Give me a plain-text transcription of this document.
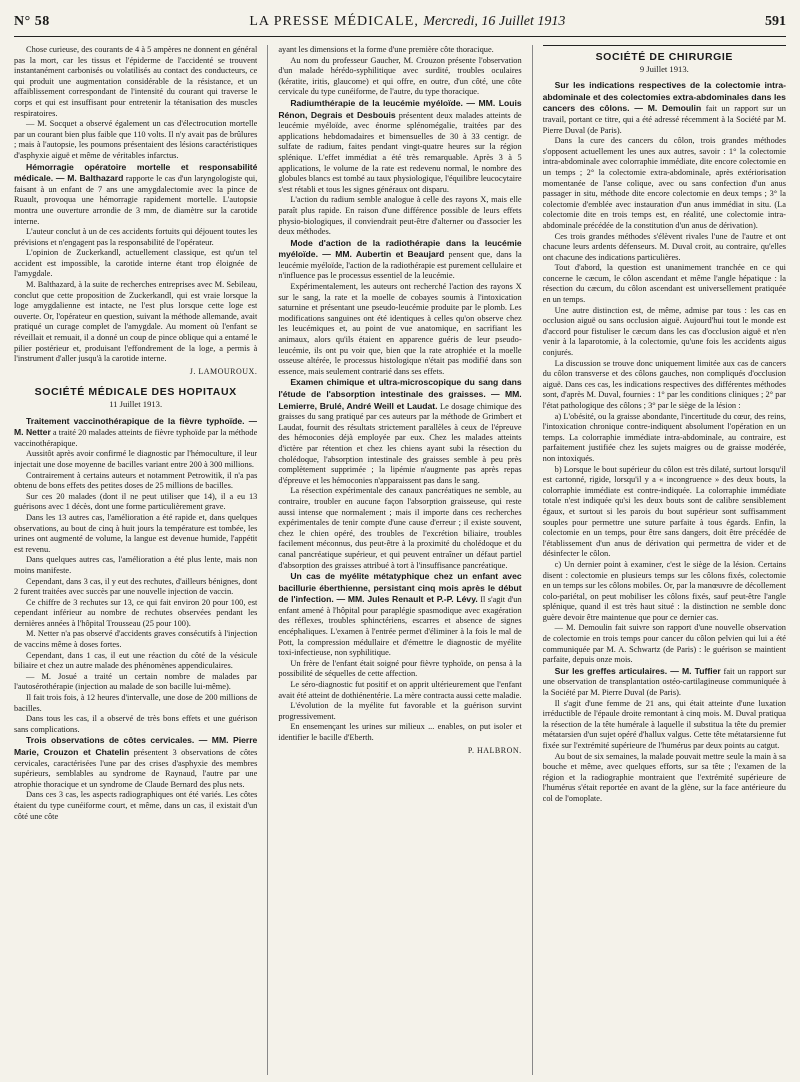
N° 58	LA PRESSE MÉDICALE, Mercredi, 16 Juillet 1913	591

Chose curieuse, des courants de 4 à 5 ampères ne donnent en général pas la mort, car les tissus et l'épiderme de l'accidenté se trouvent instantanément carbonisés ou volatilisés au contact des conducteurs, ce qui produit une augmentation considérable de la résistance, et un affaiblissement correspondant de l'intensité du courant qui traverse le corps et qui est insuffisant pour entretenir la tétanisation des muscles respiratoires.

— M. Socquet a observé également un cas d'électrocution mortelle par un courant bien plus faible que 110 volts. Il n'y avait pas de brûlures ; mais à l'autopsie, les poumons présentaient des lésions caractéristiques d'asphyxie aiguë et même de véritables infarctus.

Hémorragie opératoire mortelle et responsabilité médicale. — M. Balthazard rapporte le cas d'un laryngologiste qui, faisant à un enfant de 7 ans une amygdalectomie avec la pince de Ruault, provoqua une hémorragie rapidement mortelle. L'autopsie montra une ouverture arrondie de 3 mm, de diamètre sur la carotide interne.

L'auteur conclut à un de ces accidents fortuits qui déjouent toutes les prévisions et n'engagent pas la responsabilité de l'opérateur.

L'opinion de Zuckerkandl, actuellement classique, est qu'un tel accident est impossible, la carotide interne étant trop éloignée de l'amygdale.

M. Balthazard, à la suite de recherches entreprises avec M. Sebileau, conclut que cette proposition de Zuckerkandl, qui est vraie lorsque la loge amygdalienne est intacte, ne l'est plus lorsque cette loge est ouverte. Or, l'opérateur en question, suivant la méthode allemande, avait pratiqué un curage complet de l'amygdale. Au moment où l'enfant se réveillait et remuait, il a donné un coup de pince oblique qui a entamé le pilier postérieur et, produisant l'effondrement de la loge, a permis à l'instrument d'aller jusqu'à la carotide interne.

J. LAMOUROUX.
SOCIÉTÉ MÉDICALE DES HOPITAUX
11 Juillet 1913.

Traitement vaccinothérapique de la fièvre typhoïde. — M. Netter a traité 20 malades atteints de fièvre typhoïde par la méthode vaccinothérapique.

Aussitôt après avoir confirmé le diagnostic par l'hémoculture, il leur injectait une dose moyenne de bacilles variant entre 200 à 300 millions.

Contrairement à certains auteurs et notamment Petrowitik, il n'a pas obtenu de bons effets des petites doses de 25 millions de bacilles.

Sur ces 20 malades (dont il ne peut utiliser que 14), il a eu 13 guérisons avec 1 décès, dont une forme particulièrement grave.

Dans les 13 autres cas, l'amélioration a été rapide et, dans quelques observations, au bout de cinq à huit jours la température est tombée, les urines ont augmenté de volume, la langue est devenue humide, l'appétit est revenu.

Dans quelques autres cas, l'amélioration a été plus lente, mais non moins manifeste.

Cependant, dans 3 cas, il y eut des rechutes, d'ailleurs bénignes, dont 2 furent traitées avec succès par une nouvelle injection de vaccin.

Ce chiffre de 3 rechutes sur 13, ce qui fait environ 20 pour 100, est cependant inférieur au nombre de rechutes observées pendant les dernières années à l'hôpital Trousseau (25 pour 100).

M. Netter n'a pas observé d'accidents graves consécutifs à l'injection de vaccins même à doses fortes.

Cependant, dans 1 cas, il eut une réaction du côté de la vésicule biliaire et chez un autre malade des phénomènes appendiculaires.

— M. Josué a traité un certain nombre de malades par l'autosérothérapie (injection au malade de son bacille lui-même).

Il fait trois fois, à 12 heures d'intervalle, une dose de 200 millions de bacilles.

Dans tous les cas, il a observé de très bons effets et une guérison sans complications.

Trois observations de côtes cervicales. — MM. Pierre Marie, Crouzon et Chatelin présentent 3 observations de côtes cervicales, caractérisées l'une par des crises d'asphyxie des membres supérieurs, semblables au syndrome de Raynaud, l'autre par une atrophie thoracique et un syndrome de Claude Bernard des plus nets.

Dans ces 3 cas, les aspects radiographiques ont été variés. Les côtes étaient du type cunéiforme court, et même, dans un cas, il existait d'un côté une côte

ayant les dimensions et la forme d'une première côte thoracique.

Au nom du professeur Gaucher, M. Crouzon présente l'observation d'un malade hérédo-syphilitique avec surdité, troubles oculaires (kératite, iritis, glaucome) et qui offre, en outre, d'un côté, une côte cervicale du type cunéiforme, de l'autre, du type thoracique.

Radiumthérapie de la leucémie myéloïde. — MM. Louis Rénon, Degrais et Desbouis présentent deux malades atteints de leucémie myéloïde, avec énorme splénomégalie, traitées par des applications hebdomadaires et bimensuelles de 30 à 33 centigr. de sulfate de radium, faites pendant vingt-quatre heures sur la région splénique. L'effet immédiat a été très remarquable. Après 3 à 5 applications, le volume de la rate est redevenu normal, le nombre des globules blancs est tombé au taux physiologique, l'équilibre leucocytaire s'est rétabli et tous les signes généraux ont disparu.

L'action du radium semble analogue à celle des rayons X, mais elle paraît plus rapide. En raison d'une différence possible de leurs effets physio-biologiques, il conviendrait peut-être d'alterner ou d'associer les deux méthodes.

Mode d'action de la radiothérapie dans la leucémie myéloïde. — MM. Aubertin et Beaujard pensent que, dans la leucémie myéloïde, l'action de la radiothérapie est purement cellulaire et n'influence pas le processus essentiel de la leucémie.

Expérimentalement, les auteurs ont recherché l'action des rayons X sur le sang, la rate et la moelle de cobayes soumis à l'intoxication saturnine et présentant une pseudo-leucémie produite par le plomb. Les modifications sanguines ont été identiques à celles qu'on observe chez les leucémiques et, au point de vue anatomique, en sacrifiant les animaux, alors qu'ils étaient en apparence guéris de leur pseudo-leucémie, ils ont pu voir que, bien que la rate atrophiée et la moelle osseuse altérée, le processus histologique n'était pas modifié dans son essence, mais seulement contrarié dans ses effets.

Examen chimique et ultra-microscopique du sang dans l'étude de l'absorption intestinale des graisses. — MM. Lemierre, Brulé, André Weill et Laudat. Le dosage chimique des graisses du sang pratiqué par ces auteurs par la méthode de Grimbert et Laudat, fournit des résultats strictement parallèles à ceux de l'épreuve des hémoconies déjà employée par eux. Chez les malades atteints d'ictère par rétention et chez les chiens ayant subi la résection du cholédoque, l'absorption intestinale des graisses semble à peu près complètement supprimée ; la lipémie n'augmente pas après repas d'épreuve et les hémoconies n'apparaissent pas dans le sang.

La résection expérimentale des canaux pancréatiques ne semble, au contraire, troubler en aucune façon l'absorption graisseuse, qui reste aussi intense que normalement ; mais il importe dans ces recherches expérimentales de tenir compte d'une cause d'erreur ; il existe souvent, chez le chien opéré, des troubles de l'excrétion biliaire, troubles facilement méconnus, dus peut-être à la proximité du cholédoque et du canal pancréatique supérieur, et qui peuvent entraîner un défaut partiel d'absorption des graisses attribué à tort à l'insuffisance pancréatique.

Un cas de myélite métatyphique chez un enfant avec bacillurie éberthienne, persistant cinq mois après le début de l'infection. — MM. Jules Renault et P.-P. Lévy. Il s'agit d'un enfant amené à l'hôpital pour paraplégie spasmodique avec exagération des réflexes, troubles sphinctériens, escarres et absence de signes encéphaliques. L'examen à l'entrée permet d'éliminer à la fois le mal de Pott, la compression médullaire et d'émettre le diagnostic de myélite toxi-infectieuse, non syphilitique.

Un frère de l'enfant était soigné pour fièvre typhoïde, on pensa à la possibilité de séquelles de cette affection.

Le séro-diagnostic fut positif et on apprit ultérieurement que l'enfant avait été atteint de dothiénentérie. La mère contracta aussi cette maladie.

L'évolution de la myélite fut favorable et la guérison survint progressivement.

En ensemençant les urines sur milieux ... enables, on put isoler et identifier le bacille d'Eberth.

P. HALBRON.
SOCIÉTÉ DE CHIRURGIE
9 Juillet 1913.

Sur les indications respectives de la colectomie intra-abdominale et des colectomies extra-abdominales dans les cancers des côlons. — M. Demoulin fait un rapport sur un travail, portant ce titre, qui a été adressé récemment à la Société par M. Pierre Duval (de Paris).

Dans la cure des cancers du côlon, trois grandes méthodes s'opposent actuellement les unes aux autres, savoir : 1° la colectomie intra-abdominale avec colorraphie immédiate, dite encore colectomie en un temps ; 2° la colectomie extra-abdominale, après extériorisation momentanée de l'anse colique, avec ou sans confection d'un anus passager in situ, méthode dite encore colectomie en deux temps ; 3° la colectomie d'emblée avec instauration d'un anus immédiat in situ. (La colectomie dite en trois temps est, en réalité, une colectomie intra-abdominale précédée de la constitution d'un anus de dérivation).

Ces trois grandes méthodes s'élèvent rivales l'une de l'autre et ont chacune leurs ardents défenseurs. M. Duval croit, au contraire, qu'elles ont chacune des indications particulières.

Tout d'abord, la question est unanimement tranchée en ce qui concerne le cæcum, le côlon ascendant et même l'angle hépatique : la résection du cæcum, du côlon ascendant est universellement pratiquée en un temps.

Une autre distinction est, de même, admise par tous : les cas en occlusion aiguë ou sans occlusion aiguë. Aujourd'hui tout le monde est d'accord pour fistuliser le cæcum dans les cas d'occlusion aiguë et n'en venir à la laparotomie, à la colectomie, qu'une fois les accidents aigus conjurés.

La discussion se trouve donc uniquement limitée aux cas de cancers du côlon transverse et des côlons gauches, non compliqués d'occlusion aiguë. Dans ces cas, les indications respectives des différentes méthodes sont, d'après M. Duval, fournies : 1° par les conditions cliniques ; 2° par l'état pathologique des côlons ; 3° par le siège de la lésion :

a) L'obésité, ou la graisse abondante, l'incertitude du cœur, des reins, l'intoxication chronique contre-indiquent absolument l'opération en un temps. La colorraphie immédiate intra-abdominale, au contraire, est parfaitement justifiée chez les sujets maigres ou de graisse modérée, non intoxiqués.

b) Lorsque le bout supérieur du côlon est très dilaté, surtout lorsqu'il est cartonné, rigide, lorsqu'il y a « incongruence » des deux bouts, la colorraphie immédiate est contre-indiquée. La colorraphie immédiate totale n'est indiquée qu'si les deux bouts sont de calibre sensiblement égaux, et surtout si les parois du bout supérieur sont suffisamment souples pour permettre une suture parfaite à tous égards. Enfin, la colectomie en un temps, pour être sans dangers, doit être précédée de l'établissement d'un anus de dérivation qui permettra de vider et de désinfecter le côlon.

c) Un dernier point à examiner, c'est le siège de la lésion. Certains disent : colectomie en plusieurs temps sur les côlons fixés, colectomie en un temps sur les côlons mobiles. Or, par la manœuvre de décollement colo-pariétal, on peut mobiliser les côlons fixés, sauf peut-être l'angle splénique, quand il est très haut situé : la distinction ne semble donc guère devoir être maintenue que pour ce dernier cas.

— M. Demoulin fait suivre son rapport d'une nouvelle observation de colectomie en trois temps pour cancer du côlon pelvien qui lui a été communiquée par M. A. Schwartz (de Paris) : le guérison se maintient parfaite, depuis onze mois.

Sur les greffes articulaires. — M. Tuffier fait un rapport sur une observation de transplantation ostéo-cartilagineuse communiquée à la Société par M. Pierre Duval (de Paris).

Il s'agit d'une femme de 21 ans, qui était atteinte d'une luxation irréductible de l'épaule droite remontant à cinq mois. M. Duval pratiqua la résection de la tête humérale à laquelle il substitua la tête du premier métatarsien d'un sujet opéré d'hallux valgus. Cette tête métatarsienne fut fixée sur l'extrémité supérieure de l'humérus par deux points au catgut.

Au bout de six semaines, la malade pouvait mettre seule la main à sa bouche et même, avec quelques efforts, sur sa tête ; l'examen de la région et la radiographie montraient que l'extrémité supérieure de l'humérus s'était reportée en avant de la glène, sur la face antérieure du col de l'omoplate.
